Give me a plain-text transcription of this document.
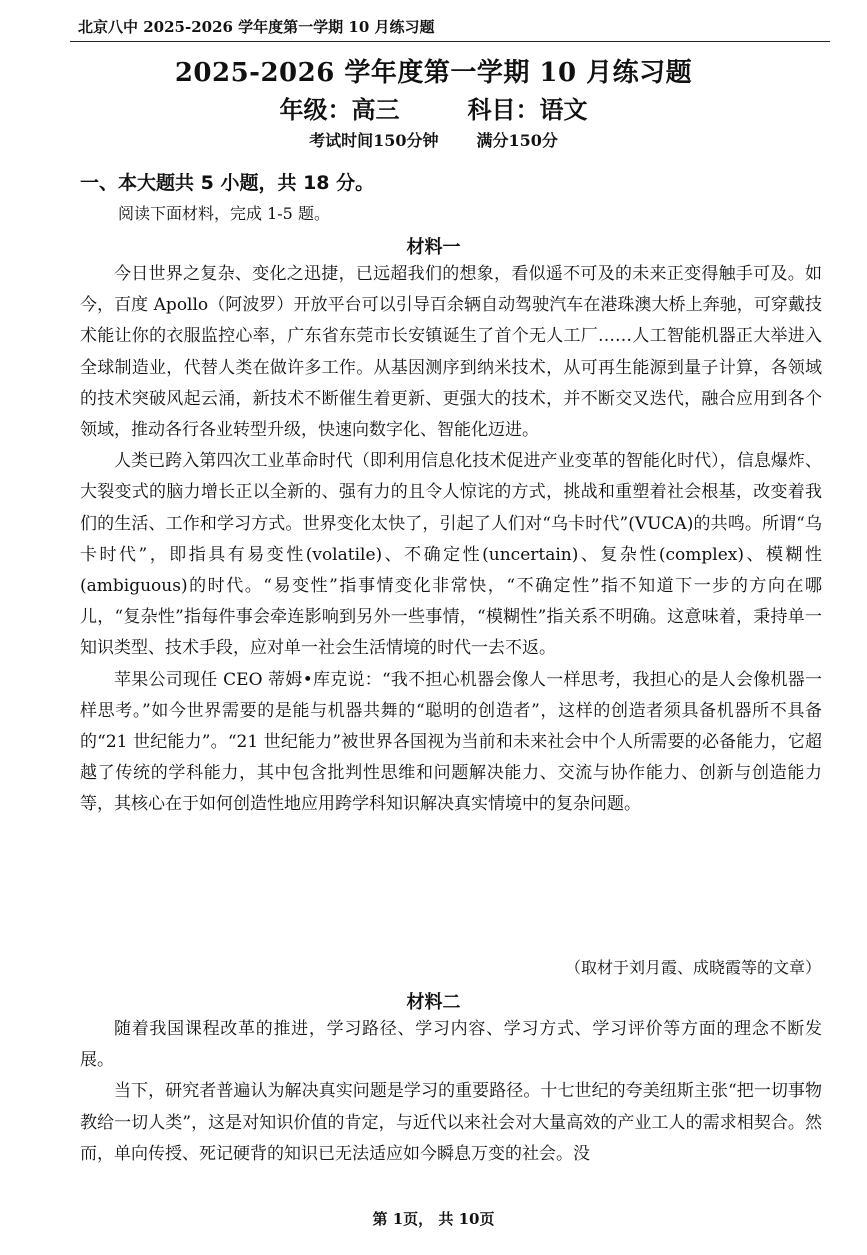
北京八中 2025-2026 学年度第一学期 10 月练习题
2025-2026 学年度第一学期 10 月练习题
年级：高三	科目：语文
考试时间150分钟 满分150分
一、本大题共 5 小题，共 18 分。
阅读下面材料，完成 1-5 题。
材料一

今日世界之复杂、变化之迅捷，已远超我们的想象，看似遥不可及的未来正变得触手可及。如今，百度 Apollo（阿波罗）开放平台可以引导百余辆自动驾驶汽车在港珠澳大桥上奔驰，可穿戴技术能让你的衣服监控心率，广东省东莞市长安镇诞生了首个无人工厂……人工智能机器正大举进入全球制造业，代替人类在做许多工作。从基因测序到纳米技术，从可再生能源到量子计算，各领域的技术突破风起云涌，新技术不断催生着更新、更强大的技术，并不断交叉迭代，融合应用到各个领域，推动各行各业转型升级，快速向数字化、智能化迈进。

人类已跨入第四次工业革命时代（即利用信息化技术促进产业变革的智能化时代），信息爆炸、大裂变式的脑力增长正以全新的、强有力的且令人惊诧的方式，挑战和重塑着社会根基，改变着我们的生活、工作和学习方式。世界变化太快了，引起了人们对“乌卡时代”(VUCA)的共鸣。所谓“乌卡时代”，即指具有易变性(volatile)、不确定性(uncertain)、复杂性(complex)、模糊性(ambiguous)的时代。“易变性”指事情变化非常快，“不确定性”指不知道下一步的方向在哪儿，“复杂性”指每件事会牵连影响到另外一些事情，“模糊性”指关系不明确。这意味着，秉持单一知识类型、技术手段，应对单一社会生活情境的时代一去不返。

苹果公司现任 CEO 蒂姆•库克说：“我不担心机器会像人一样思考，我担心的是人会像机器一样思考。”如今世界需要的是能与机器共舞的“聪明的创造者”，这样的创造者须具备机器所不具备的“21 世纪能力”。“21 世纪能力”被世界各国视为当前和未来社会中个人所需要的必备能力，它超越了传统的学科能力，其中包含批判性思维和问题解决能力、交流与协作能力、创新与创造能力等，其核心在于如何创造性地应用跨学科知识解决真实情境中的复杂问题。

（取材于刘月霞、成晓霞等的文章）
材料二

随着我国课程改革的推进，学习路径、学习内容、学习方式、学习评价等方面的理念不断发展。

当下，研究者普遍认为解决真实问题是学习的重要路径。十七世纪的夸美纽斯主张“把一切事物教给一切人类”，这是对知识价值的肯定，与近代以来社会对大量高效的产业工人的需求相契合。然而，单向传授、死记硬背的知识已无法适应如今瞬息万变的社会。没

第 1页， 共 10页
